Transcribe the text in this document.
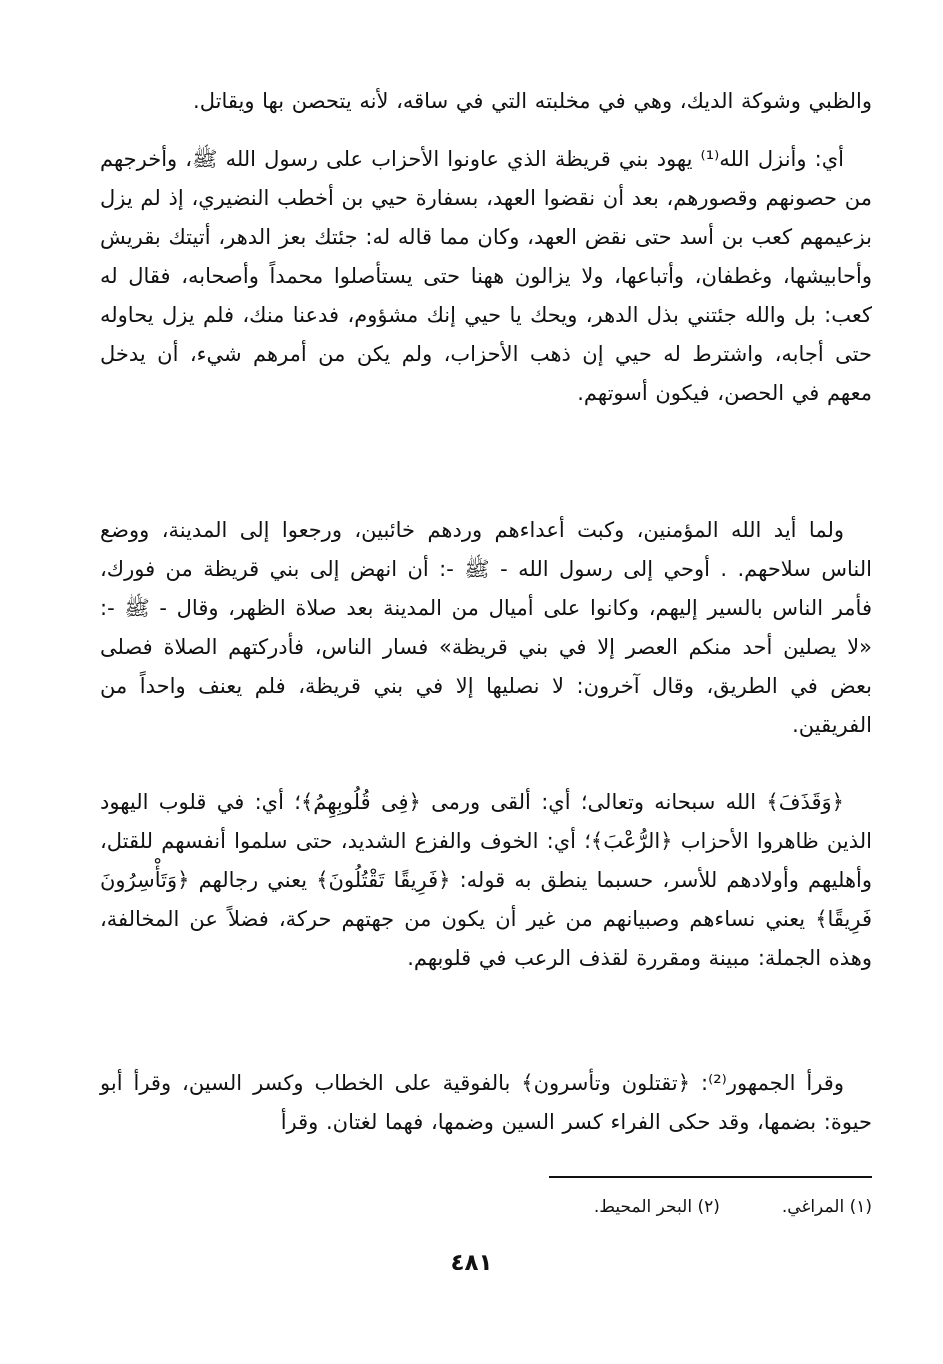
والظبي وشوكة الديك، وهي في مخلبته التي في ساقه، لأنه يتحصن بها ويقاتل.

أي: وأنزل الله⁽¹⁾ يهود بني قريظة الذي عاونوا الأحزاب على رسول الله ﷺ، وأخرجهم من حصونهم وقصورهم، بعد أن نقضوا العهد، بسفارة حيي بن أخطب النضيري، إذ لم يزل بزعيمهم كعب بن أسد حتى نقض العهد، وكان مما قاله له: جئتك بعز الدهر، أتيتك بقريش وأحابيشها، وغطفان، وأتباعها، ولا يزالون ههنا حتى يستأصلوا محمداً وأصحابه، فقال له كعب: بل والله جئتني بذل الدهر، ويحك يا حيي إنك مشؤوم، فدعنا منك، فلم يزل يحاوله حتى أجابه، واشترط له حيي إن ذهب الأحزاب، ولم يكن من أمرهم شيء، أن يدخل معهم في الحصن، فيكون أسوتهم.

ولما أيد الله المؤمنين، وكبت أعداءهم وردهم خائبين، ورجعوا إلى المدينة، ووضع الناس سلاحهم. . أوحي إلى رسول الله - ﷺ -: أن انهض إلى بني قريظة من فورك، فأمر الناس بالسير إليهم، وكانوا على أميال من المدينة بعد صلاة الظهر، وقال - ﷺ -: «لا يصلين أحد منكم العصر إلا في بني قريظة» فسار الناس، فأدركتهم الصلاة فصلى بعض في الطريق، وقال آخرون: لا نصليها إلا في بني قريظة، فلم يعنف واحداً من الفريقين.

﴿وَقَذَفَ﴾ الله سبحانه وتعالى؛ أي: ألقى ورمى ﴿فِى قُلُوبِهِمُ﴾؛ أي: في قلوب اليهود الذين ظاهروا الأحزاب ﴿الرُّعْبَ﴾؛ أي: الخوف والفزع الشديد، حتى سلموا أنفسهم للقتل، وأهليهم وأولادهم للأسر، حسبما ينطق به قوله: ﴿فَرِيقًا تَقْتُلُونَ﴾ يعني رجالهم ﴿وَتَأْسِرُونَ فَرِيقًا﴾ يعني نساءهم وصبيانهم من غير أن يكون من جهتهم حركة، فضلاً عن المخالفة، وهذه الجملة: مبينة ومقررة لقذف الرعب في قلوبهم.

وقرأ الجمهور⁽²⁾: ﴿تقتلون وتأسرون﴾ بالفوقية على الخطاب وكسر السين، وقرأ أبو حيوة: بضمها، وقد حكى الفراء كسر السين وضمها، فهما لغتان. وقرأ

(١) المراغي.
(٢) البحر المحيط.
٤٨١
